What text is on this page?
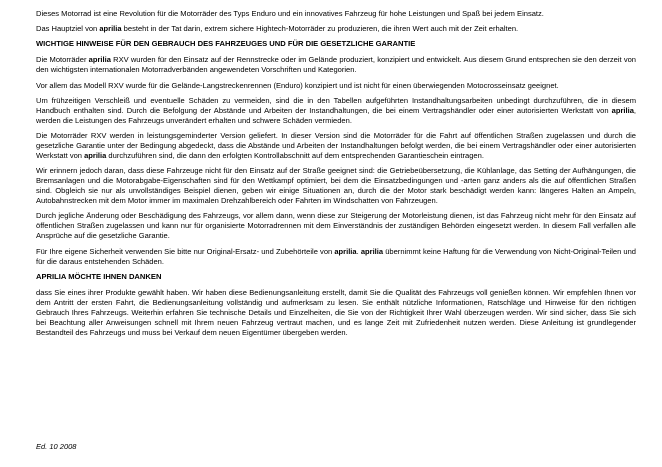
Dieses Motorrad ist eine Revolution für die Motorräder des Typs Enduro und ein innovatives Fahrzeug für hohe Leistungen und Spaß bei jedem Einsatz.

Das Hauptziel von aprilia besteht in der Tat darin, extrem sichere Hightech-Motorräder zu produzieren, die ihren Wert auch mit der Zeit erhalten.

WICHTIGE HINWEISE FÜR DEN GEBRAUCH DES FAHRZEUGES UND FÜR DIE GESETZLICHE GARANTIE

Die Motorräder aprilia RXV wurden für den Einsatz auf der Rennstrecke oder im Gelände produziert, konzipiert und entwickelt. Aus diesem Grund entsprechen sie den derzeit von den wichtigsten internationalen Motorradverbänden angewendeten Vorschriften und Kategorien.

Vor allem das Modell RXV wurde für die Gelände-Langstreckenrennen (Enduro) konzipiert und ist nicht für einen überwiegenden Motocrosseinsatz geeignet.

Um frühzeitigen Verschleiß und eventuelle Schäden zu vermeiden, sind die in den Tabellen aufgeführten Instandhaltungsarbeiten unbedingt durchzuführen, die in diesem Handbuch enthalten sind. Durch die Befolgung der Abstände und Arbeiten der Instandhaltungen, die bei einem Vertragshändler oder einer autorisierten Werkstatt von aprilia, werden die Leistungen des Fahrzeugs unverändert erhalten und schwere Schäden vermieden.

Die Motorräder RXV werden in leistungsgeminderter Version geliefert. In dieser Version sind die Motorräder für die Fahrt auf öffentlichen Straßen zugelassen und durch die gesetzliche Garantie unter der Bedingung abgedeckt, dass die Abstände und Arbeiten der Instandhaltungen befolgt werden, die bei einem Vertragshändler oder einer autorisierten Werkstatt von aprilia durchzuführen sind, die dann den erfolgten Kontrollabschnitt auf dem entsprechenden Garantieschein eintragen.

Wir erinnern jedoch daran, dass diese Fahrzeuge nicht für den Einsatz auf der Straße geeignet sind: die Getriebeübersetzung, die Kühlanlage, das Setting der Aufhängungen, die Bremsanlagen und die Motorabgabe-Eigenschaften sind für den Wettkampf optimiert, bei dem die Einsatzbedingungen und -arten ganz anders als die auf öffentlichen Straßen sind. Obgleich sie nur als unvollständiges Beispiel dienen, geben wir einige Situationen an, durch die der Motor stark beschädigt werden kann: längeres Halten an Ampeln, Autobahnstrecken mit dem Motor immer im maximalen Drehzahlbereich oder Fahrten im Windschatten von Fahrzeugen.

Durch jegliche Änderung oder Beschädigung des Fahrzeugs, vor allem dann, wenn diese zur Steigerung der Motorleistung dienen, ist das Fahrzeug nicht mehr für den Einsatz auf öffentlichen Straßen zugelassen und kann nur für organisierte Motorradrennen mit dem Einverständnis der zuständigen Behörden eingesetzt werden. In diesem Fall verfallen alle Ansprüche auf die gesetzliche Garantie.

Für Ihre eigene Sicherheit verwenden Sie bitte nur Original-Ersatz- und Zubehörteile von aprilia. aprilia übernimmt keine Haftung für die Verwendung von Nicht-Original-Teilen und für die daraus entstehenden Schäden.

APRILIA MÖCHTE IHNEN DANKEN

dass Sie eines ihrer Produkte gewählt haben. Wir haben diese Bedienungsanleitung erstellt, damit Sie die Qualität des Fahrzeugs voll genießen können. Wir empfehlen Ihnen vor dem Antritt der ersten Fahrt, die Bedienungsanleitung vollständig und aufmerksam zu lesen. Sie enthält nützliche Informationen, Ratschläge und Hinweise für den richtigen Gebrauch Ihres Fahrzeugs. Weiterhin erfahren Sie technische Details und Einzelheiten, die Sie von der Richtigkeit Ihrer Wahl überzeugen werden. Wir sind sicher, dass Sie sich bei Beachtung aller Anweisungen schnell mit Ihrem neuen Fahrzeug vertraut machen, und es lange Zeit mit Zufriedenheit nutzen werden. Diese Anleitung ist grundlegender Bestandteil des Fahrzeugs und muss bei Verkauf dem neuen Eigentümer übergeben werden.

Ed. 10 2008
